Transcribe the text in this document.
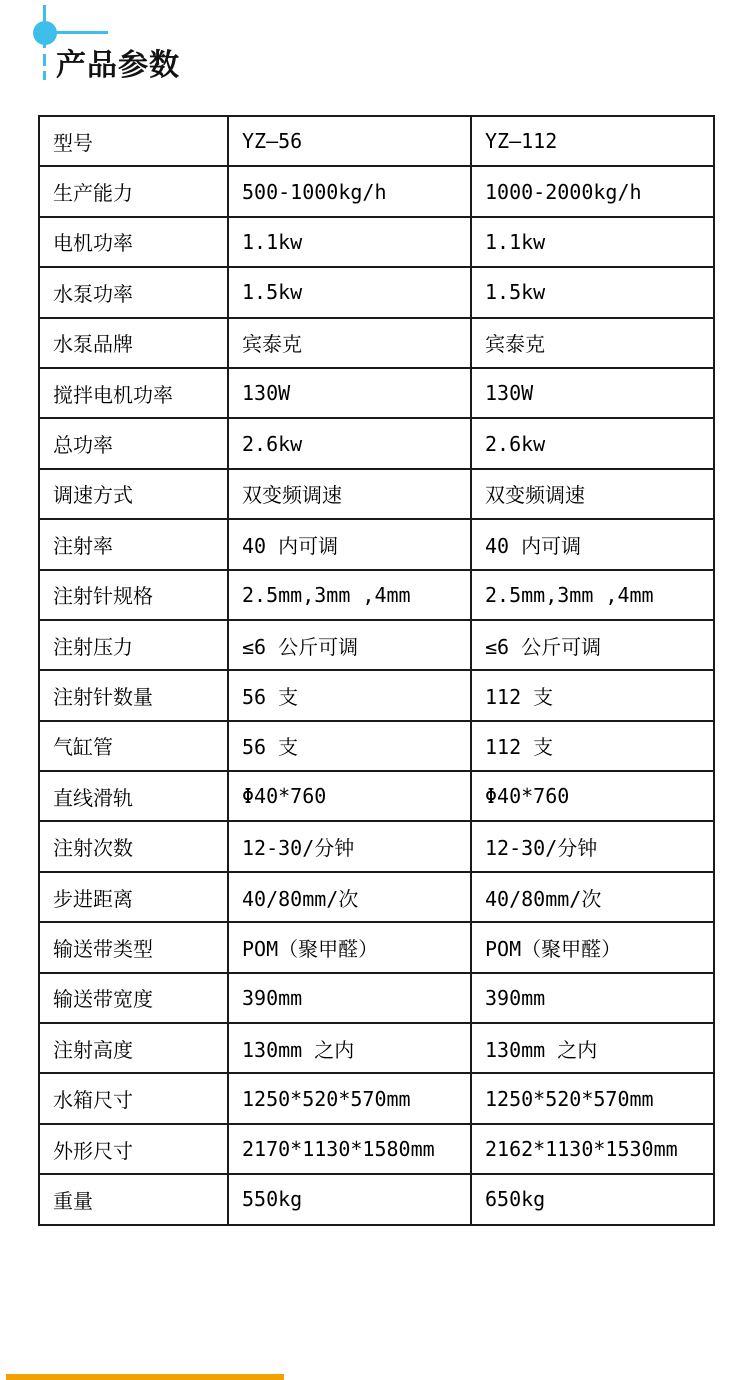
产品参数
型号	YZ—56	YZ—112
生产能力	500-1000kg/h	1000-2000kg/h
电机功率	1.1kw	1.1kw
水泵功率	1.5kw	1.5kw
水泵品牌	宾泰克	宾泰克
搅拌电机功率	130W	130W
总功率	2.6kw	2.6kw
调速方式	双变频调速	双变频调速
注射率	40 内可调	40 内可调
注射针规格	2.5mm,3mm ,4mm	2.5mm,3mm ,4mm
注射压力	≤6 公斤可调	≤6 公斤可调
注射针数量	56 支	112 支
气缸管	56 支	112 支
直线滑轨	Φ40*760	Φ40*760
注射次数	12-30/分钟	12-30/分钟
步进距离	40/80mm/次	40/80mm/次
输送带类型	POM（聚甲醛）	POM（聚甲醛）
输送带宽度	390mm	390mm
注射高度	130mm 之内	130mm 之内
水箱尺寸	1250*520*570mm	1250*520*570mm
外形尺寸	2170*1130*1580mm	2162*1130*1530mm
重量	550kg	650kg
